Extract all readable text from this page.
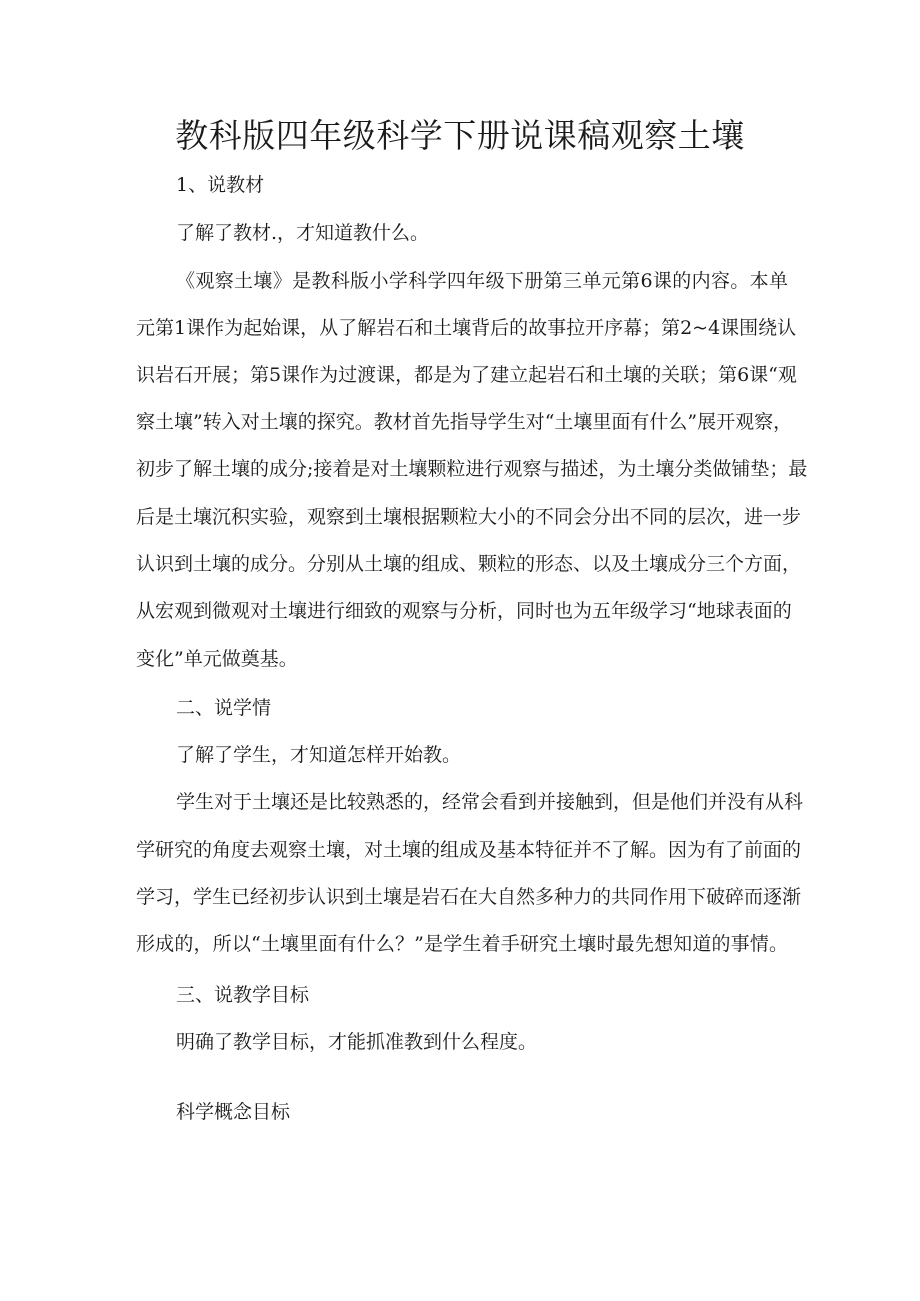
教科版四年级科学下册说课稿观察土壤

1、说教材

了解了教材.，才知道教什么。

《观察土壤》是教科版小学科学四年级下册第三单元第6课的内容。本单

元第1课作为起始课，从了解岩石和土壤背后的故事拉开序幕；第2~4课围绕认

识岩石开展；第5课作为过渡课，都是为了建立起岩石和土壤的关联；第6课“观

察土壤”转入对土壤的探究。教材首先指导学生对“土壤里面有什么”展开观察，

初步了解土壤的成分;接着是对土壤颗粒进行观察与描述，为土壤分类做铺垫；最

后是土壤沉积实验，观察到土壤根据颗粒大小的不同会分出不同的层次，进一步

认识到土壤的成分。分别从土壤的组成、颗粒的形态、以及土壤成分三个方面，

从宏观到微观对土壤进行细致的观察与分析，同时也为五年级学习“地球表面的

变化”单元做奠基。

二、说学情

了解了学生，才知道怎样开始教。

学生对于土壤还是比较熟悉的，经常会看到并接触到，但是他们并没有从科

学研究的角度去观察土壤，对土壤的组成及基本特征并不了解。因为有了前面的

学习，学生已经初步认识到土壤是岩石在大自然多种力的共同作用下破碎而逐渐

形成的，所以“土壤里面有什么？”是学生着手研究土壤时最先想知道的事情。

三、说教学目标

明确了教学目标，才能抓准教到什么程度。

科学概念目标
